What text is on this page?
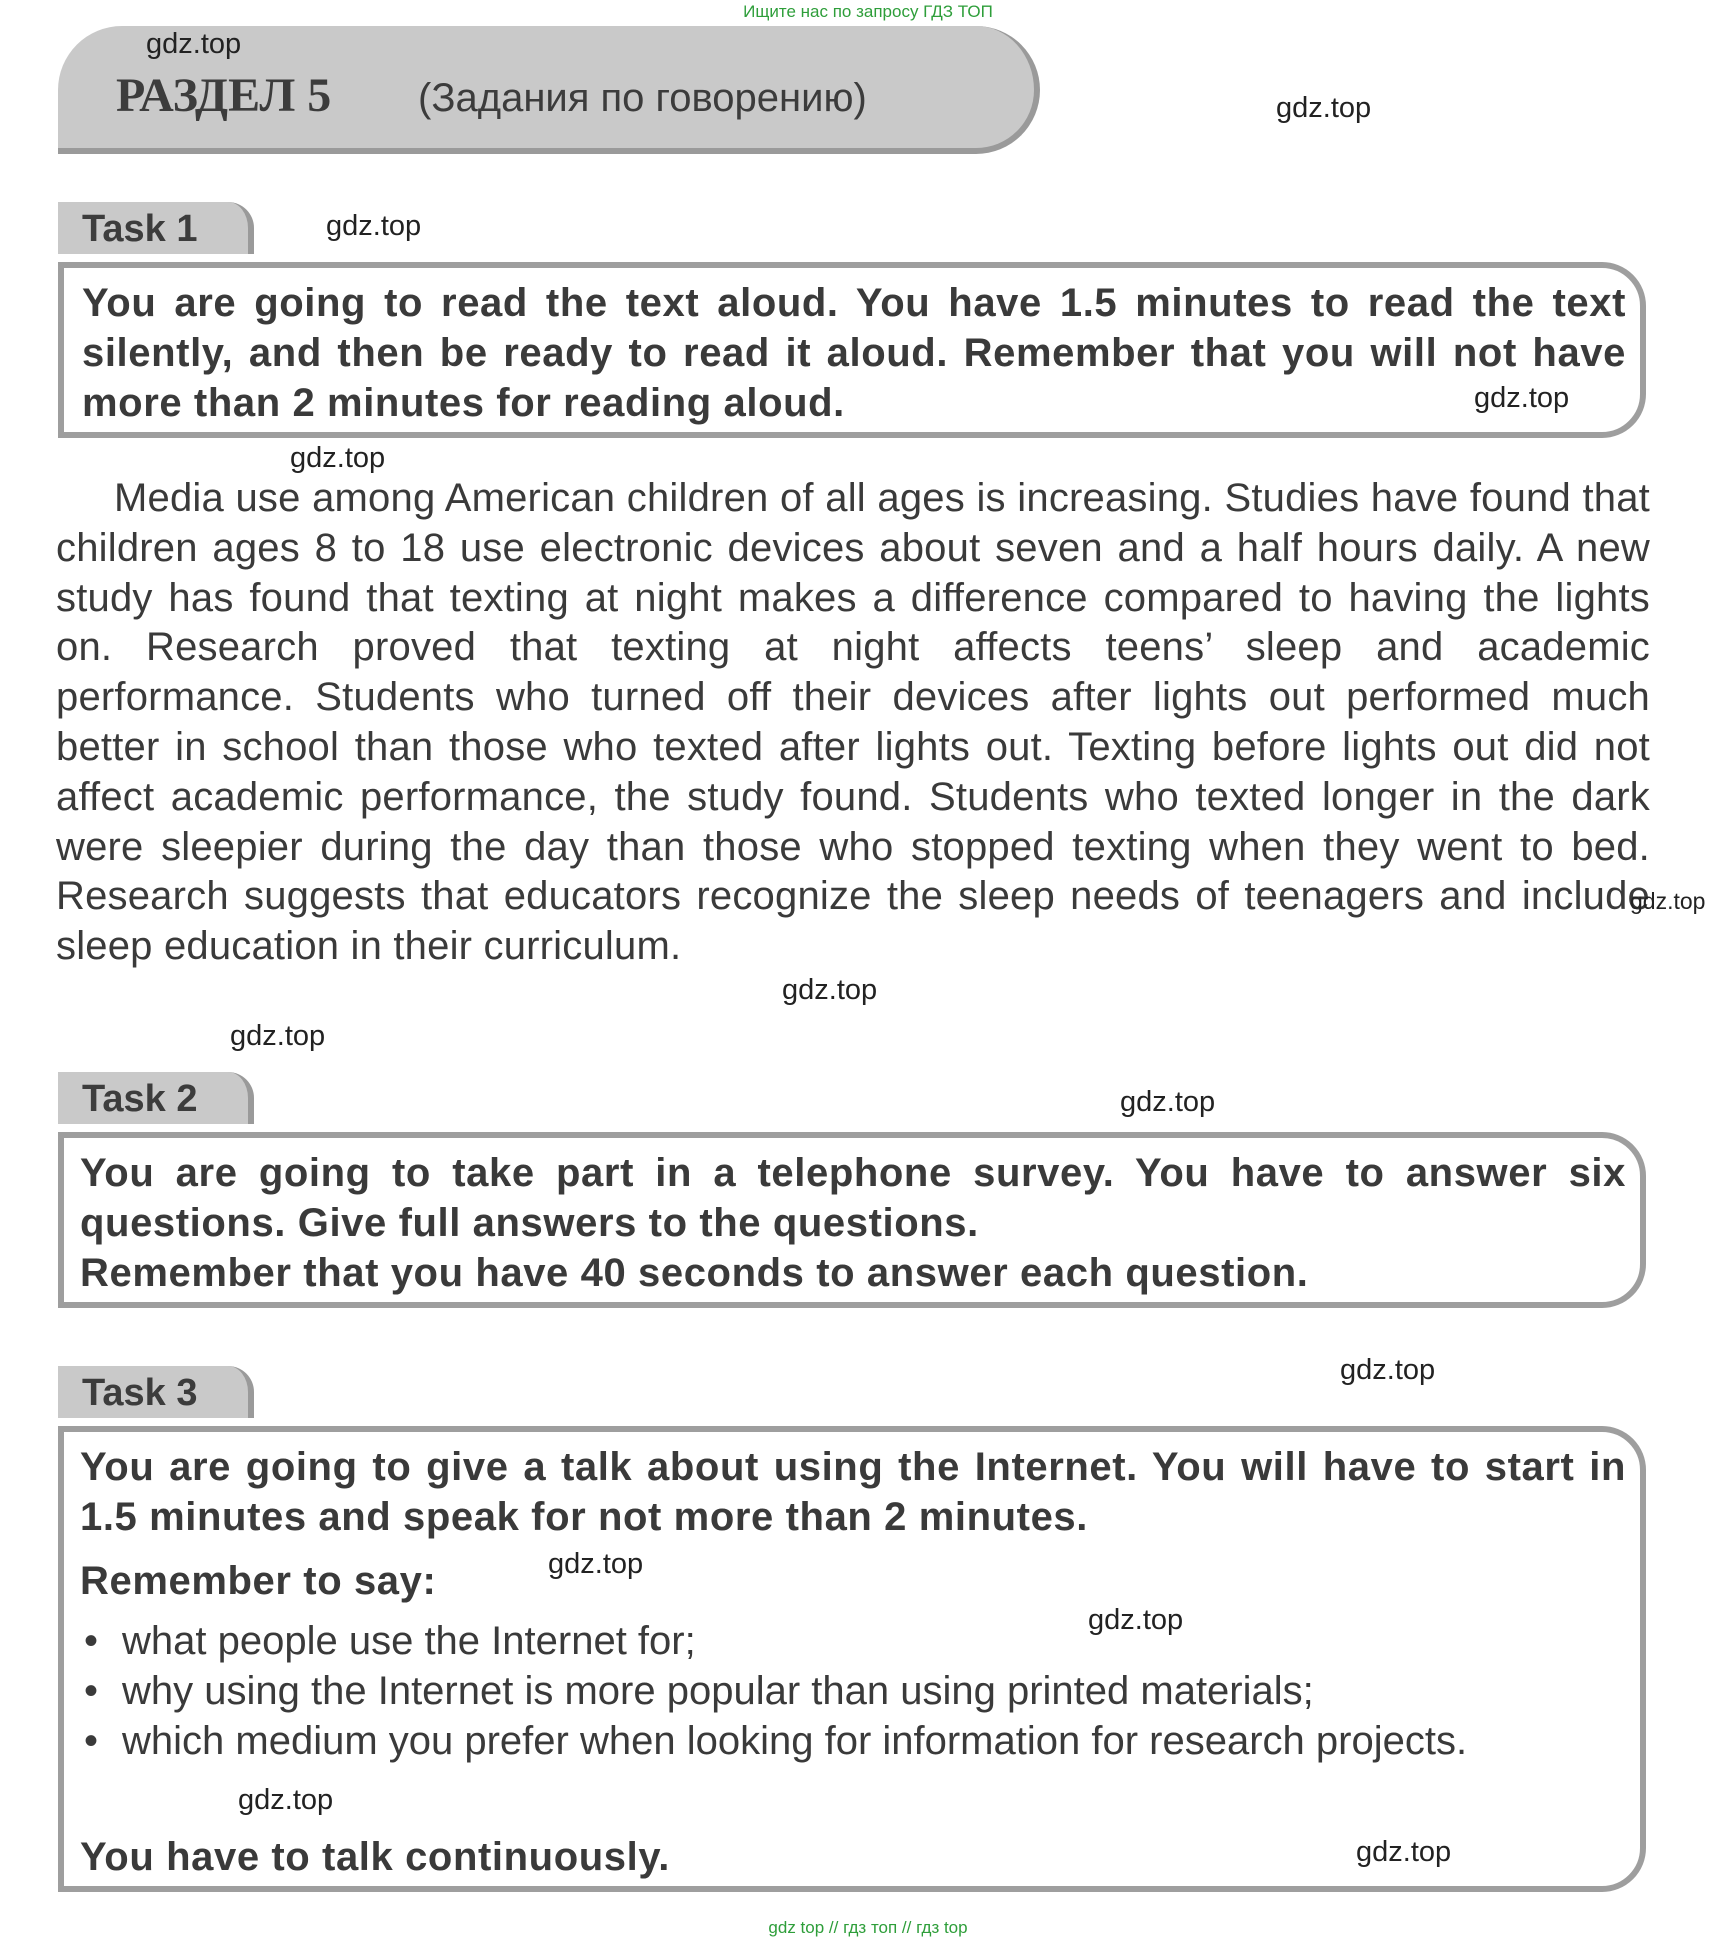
Ищите нас по запросу ГДЗ ТОП
РАЗДЕЛ 5 (Задания по говорению)
Task 1
You are going to read the text aloud. You have 1.5 minutes to read the text silently, and then be ready to read it aloud. Remember that you will not have more than 2 minutes for reading aloud.
Media use among American children of all ages is increasing. Studies have found that children ages 8 to 18 use electronic devices about seven and a half hours daily. A new study has found that texting at night makes a difference compared to having the lights on. Research proved that texting at night affects teens’ sleep and academic performance. Students who turned off their devices after lights out performed much better in school than those who texted after lights out. Texting before lights out did not affect academic performance, the study found. Students who texted longer in the dark were sleepier during the day than those who stopped texting when they went to bed. Research suggests that educators recognize the sleep needs of teenagers and include sleep education in their curriculum.
Task 2
You are going to take part in a telephone survey. You have to answer six questions. Give full answers to the questions.
Remember that you have 40 seconds to answer each question.
Task 3
You are going to give a talk about using the Internet. You will have to start in 1.5 minutes and speak for not more than 2 minutes.
Remember to say:
• what people use the Internet for;
• why using the Internet is more popular than using printed materials;
• which medium you prefer when looking for information for research projects.
You have to talk continuously.
gdz.top
gdz.top
gdz.top
gdz.top
gdz.top
gdz.top
gdz.top
gdz.top
gdz.top
gdz.top
gdz.top
gdz.top
gdz.top
gdz.top
gdz top // гдз топ // гдз top
